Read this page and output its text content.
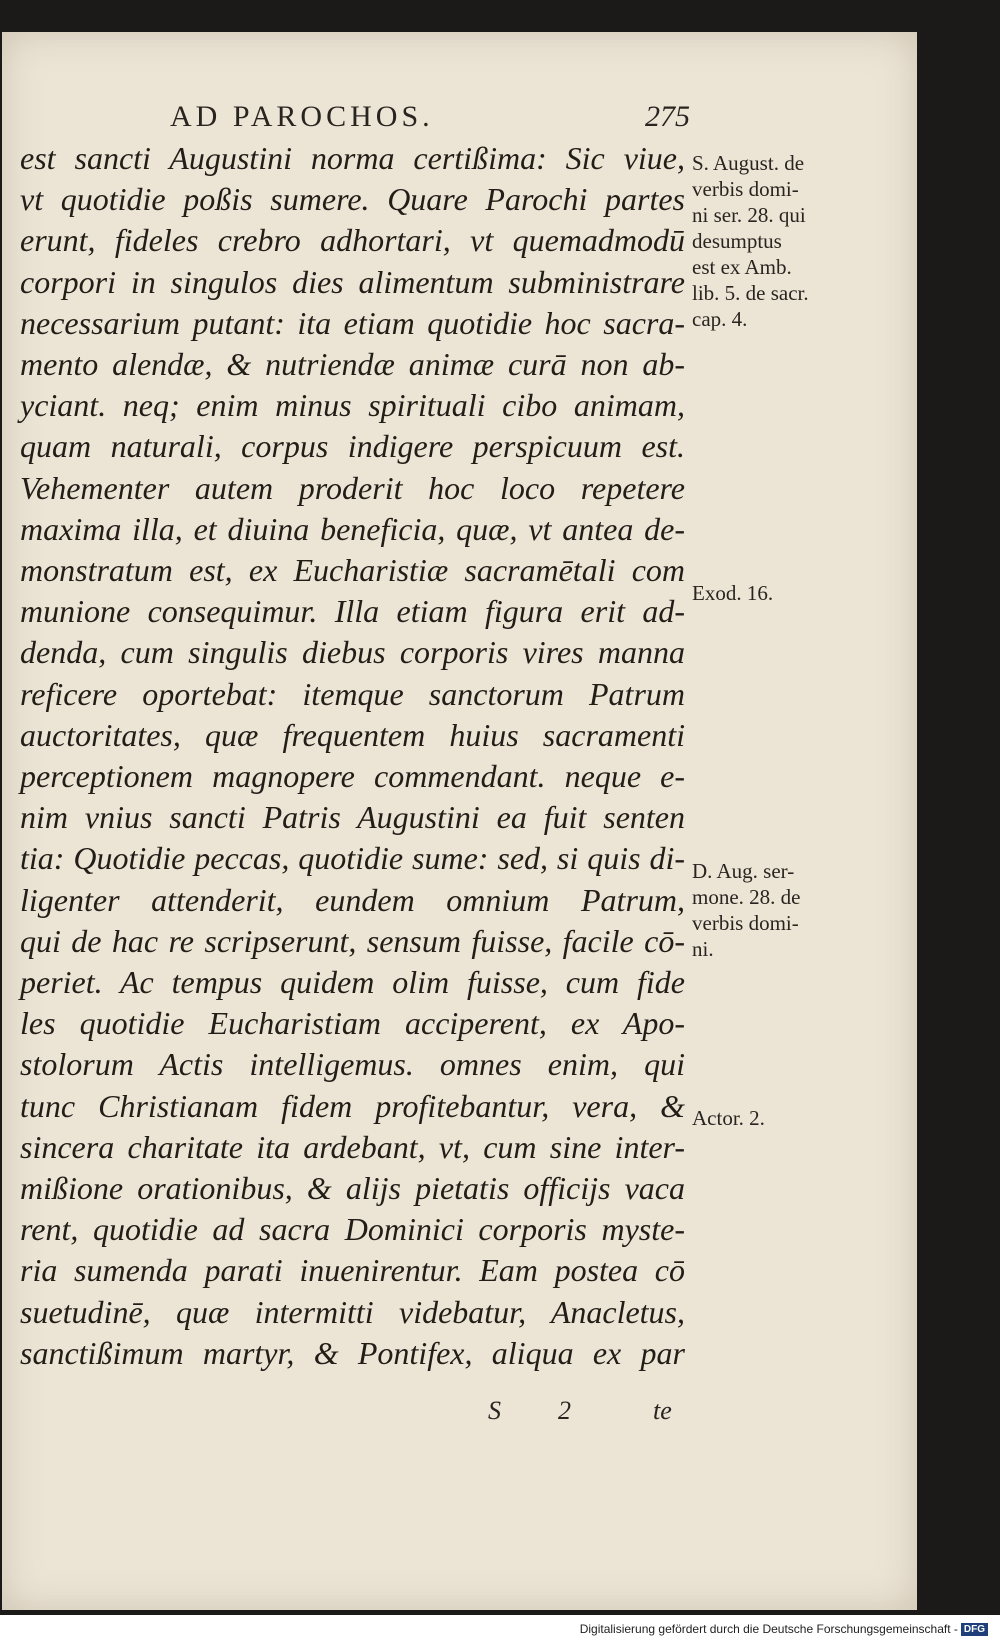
AD PAROCHOS.	275
est sancti Augustini norma certißima: Sic viue,
vt quotidie poßis sumere. Quare Parochi partes
erunt, fideles crebro adhortari, vt quemadmodū
corpori in singulos dies alimentum subministrare
necessarium putant: ita etiam quotidie hoc sacra-
mento alendæ, & nutriendæ animæ curā non ab-
yciant. neq; enim minus spirituali cibo animam,
quam naturali, corpus indigere perspicuum est.
Vehementer autem proderit hoc loco repetere
maxima illa, et diuina beneficia, quæ, vt antea de-
monstratum est, ex Eucharistiæ sacramētali com
munione consequimur. Illa etiam figura erit ad-
denda, cum singulis diebus corporis vires manna
reficere oportebat: itemque sanctorum Patrum
auctoritates, quæ frequentem huius sacramenti
perceptionem magnopere commendant. neque e-
nim vnius sancti Patris Augustini ea fuit senten
tia: Quotidie peccas, quotidie sume: sed, si quis di-
ligenter attenderit, eundem omnium Patrum,
qui de hac re scripserunt, sensum fuisse, facile cō-
periet. Ac tempus quidem olim fuisse, cum fide
les quotidie Eucharistiam acciperent, ex Apo-
stolorum Actis intelligemus. omnes enim, qui
tunc Christianam fidem profitebantur, vera, &
sincera charitate ita ardebant, vt, cum sine inter-
mißione orationibus, & alijs pietatis officijs vaca
rent, quotidie ad sacra Dominici corporis myste-
ria sumenda parati inuenirentur. Eam postea cō
suetudinē, quæ intermitti videbatur, Anacletus,
sanctißimum martyr, & Pontifex, aliqua ex par
S. August. de
verbis domi-
ni ser. 28. qui
desumptus
est ex Amb.
lib. 5. de sacr.
cap. 4.
Exod. 16.
D. Aug. ser-
mone. 28. de
verbis domi-
ni.
Actor. 2.
S 2	te
Digitalisierung gefördert durch die Deutsche Forschungsgemeinschaft - DFG
